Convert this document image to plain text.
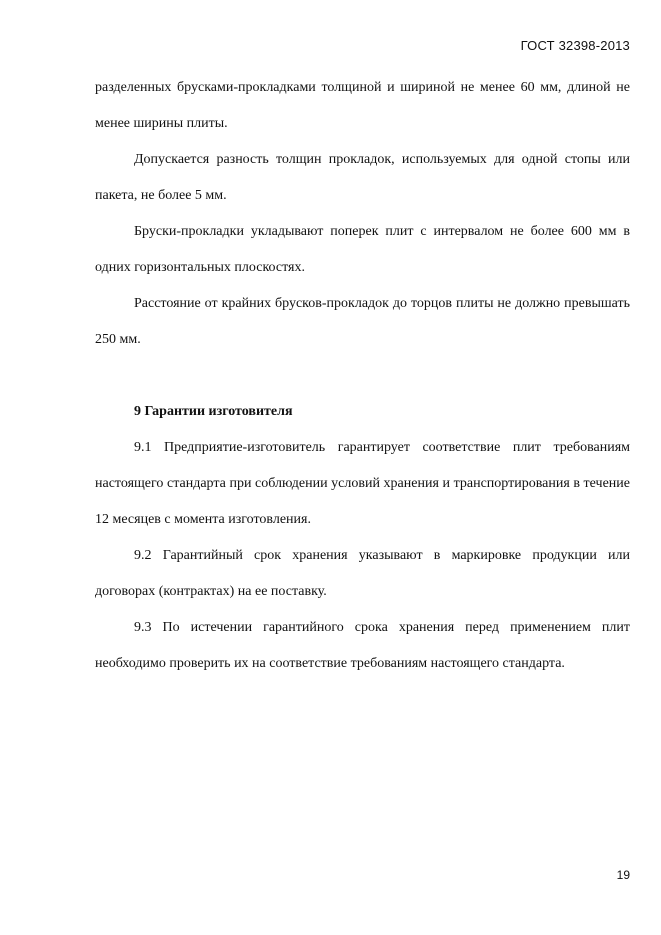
ГОСТ 32398-2013

разделенных брусками-прокладками толщиной и шириной не менее 60 мм, длиной не менее ширины плиты.

Допускается разность толщин прокладок, используемых для одной стопы или пакета, не более 5 мм.

Бруски-прокладки укладывают поперек плит с интервалом не более 600 мм в одних горизонтальных плоскостях.

Расстояние от крайних брусков-прокладок до торцов плиты не должно превышать 250 мм.

9 Гарантии изготовителя

9.1 Предприятие-изготовитель гарантирует соответствие плит требованиям настоящего стандарта при соблюдении условий хранения и транспортирования в течение 12 месяцев с момента изготовления.

9.2 Гарантийный срок хранения указывают в маркировке продукции или договорах (контрактах) на ее поставку.

9.3 По истечении гарантийного срока хранения перед применением плит необходимо проверить их на соответствие требованиям настоящего стандарта.

19
